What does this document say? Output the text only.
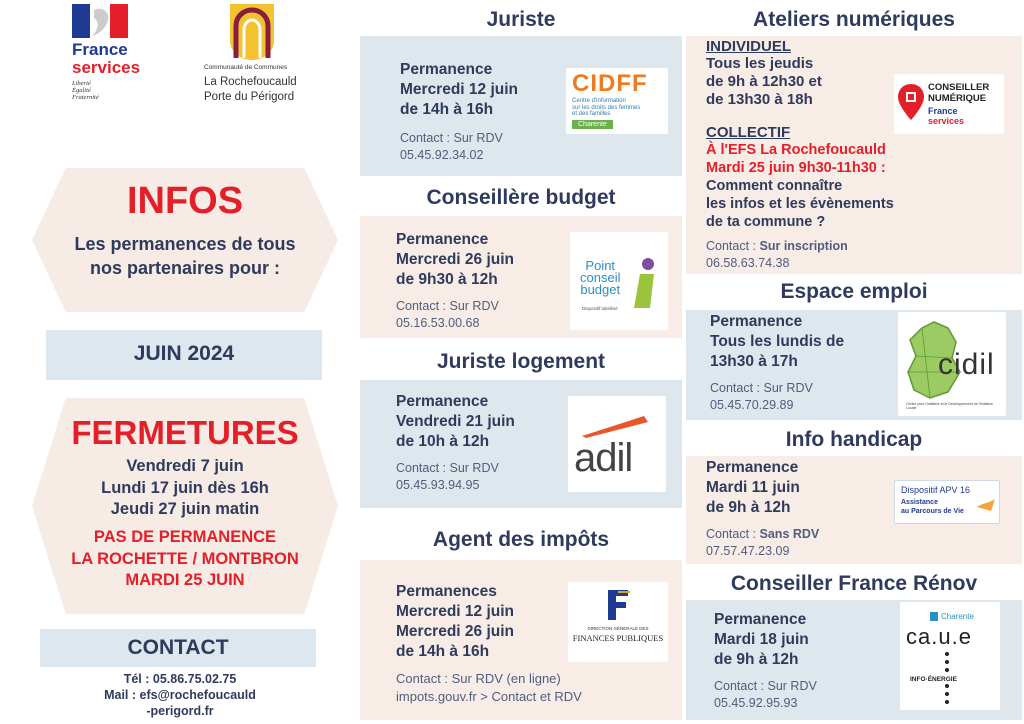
France
services
Liberté
Égalité
Fraternité
Communauté de Communes
La Rochefoucauld
Porte du Périgord
INFOS
Les permanences de tous
nos partenaires pour :
JUIN 2024
FERMETURES
Vendredi 7 juin
Lundi 17 juin dès 16h
Jeudi 27 juin matin
PAS DE PERMANENCE
LA ROCHETTE / MONTBRON
MARDI 25 JUIN
CONTACT
Tél : 05.86.75.02.75
Mail : efs@rochefoucauld
-perigord.fr
Juriste
Permanence
Mercredi 12 juin
de 14h à 16h
Contact : Sur RDV
05.45.92.34.02
CIDFF
Centre d'information
sur les droits des femmes
et des familles
Charente
Conseillère budget
Permanence
Mercredi 26 juin
de 9h30 à 12h
Contact : Sur RDV
05.16.53.00.68
Point
conseil
budget
Dispositif labellisé
Juriste logement
Permanence
Vendredi 21 juin
de 10h à 12h
Contact : Sur RDV
05.45.93.94.95
adil
Agent des impôts
Permanences
Mercredi 12 juin
Mercredi 26 juin
de 14h à 16h
Contact : Sur RDV (en ligne)
impots.gouv.fr > Contact et RDV
DIRECTION GÉNÉRALE DES
FINANCES PUBLIQUES
Ateliers numériques
INDIVIDUEL
Tous les jeudis
de 9h à 12h30 et
de 13h30 à 18h
COLLECTIF
À l'EFS La Rochefoucauld
Mardi 25 juin 9h30-11h30 :
Comment connaître
les infos et les évènements
de ta commune ?
Contact : Sur inscription
06.58.63.74.38
CONSEILLER
NUMÉRIQUE
France
services
Espace emploi
Permanence
Tous les lundis de
13h30 à 17h
Contact : Sur RDV
05.45.70.29.89
cidil
Centre pour l'Initiative et le Développement de l'Initiative Locale
Info handicap
Permanence
Mardi 11 juin
de 9h à 12h
Contact : Sans RDV
07.57.47.23.09
Dispositif APV 16
Assistance
au Parcours de Vie
Conseiller France Rénov
Permanence
Mardi 18 juin
de 9h à 12h
Contact : Sur RDV
05.45.92.95.93
Charente
ca.u.e
INFO·ÉNERGIE
